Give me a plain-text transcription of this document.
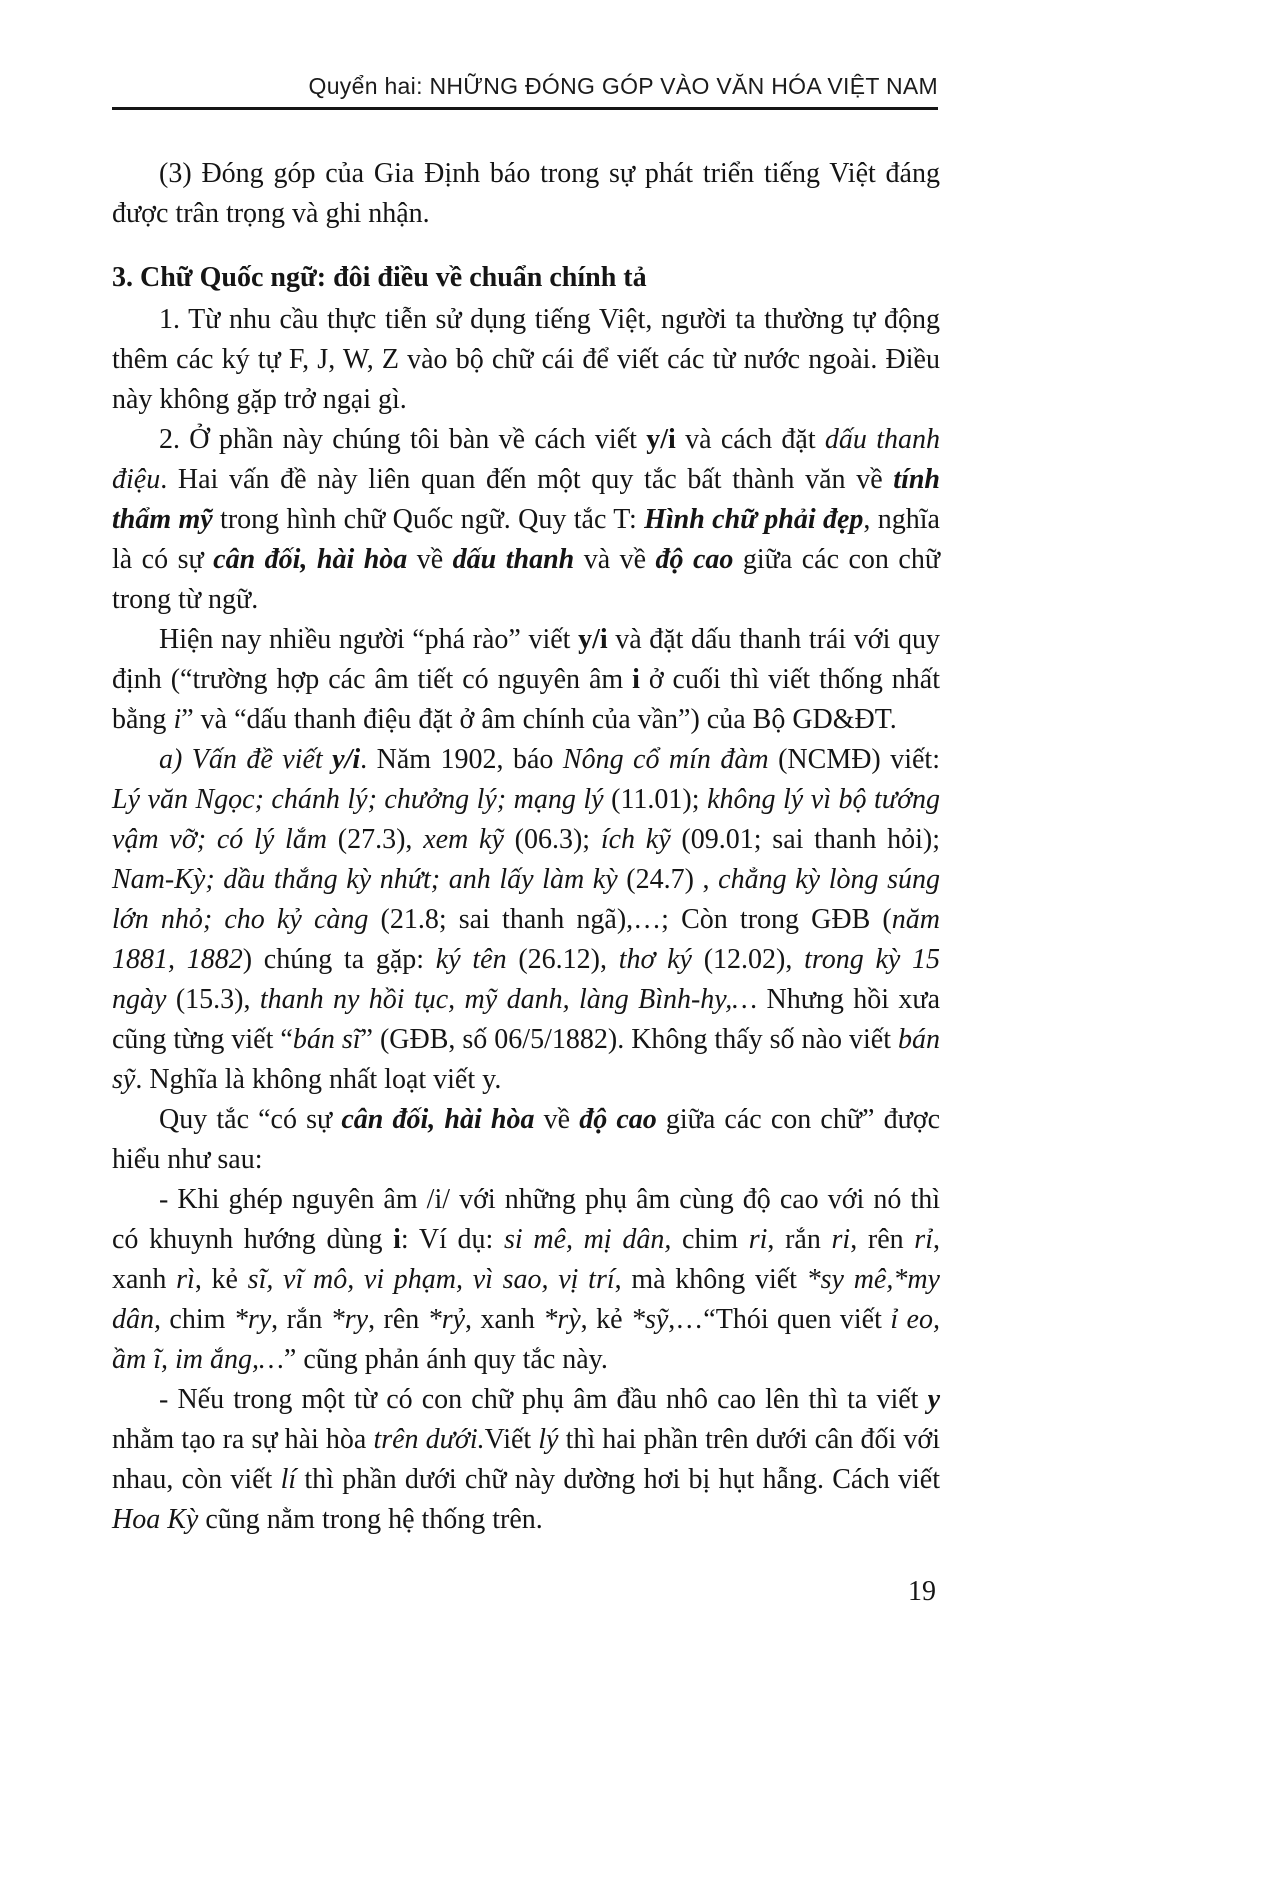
Quyển hai: NHỮNG ĐÓNG GÓP VÀO VĂN HÓA VIỆT NAM

(3) Đóng góp của Gia Định báo trong sự phát triển tiếng Việt đáng được trân trọng và ghi nhận.

3. Chữ Quốc ngữ: đôi điều về chuẩn chính tả

1. Từ nhu cầu thực tiễn sử dụng tiếng Việt, người ta thường tự động thêm các ký tự F, J, W, Z vào bộ chữ cái để viết các từ nước ngoài. Điều này không gặp trở ngại gì.

2. Ở phần này chúng tôi bàn về cách viết y/i và cách đặt dấu thanh điệu. Hai vấn đề này liên quan đến một quy tắc bất thành văn về tính thẩm mỹ trong hình chữ Quốc ngữ. Quy tắc T: Hình chữ phải đẹp, nghĩa là có sự cân đối, hài hòa về dấu thanh và về độ cao giữa các con chữ trong từ ngữ.

Hiện nay nhiều người “phá rào” viết y/i và đặt dấu thanh trái với quy định (“trường hợp các âm tiết có nguyên âm i ở cuối thì viết thống nhất bằng i” và “dấu thanh điệu đặt ở âm chính của vần”) của Bộ GD&ĐT.

a) Vấn đề viết y/i. Năm 1902, báo Nông cổ mín đàm (NCMĐ) viết: Lý văn Ngọc; chánh lý; chưởng lý; mạng lý (11.01); không lý vì bộ tướng vậm vỡ; có lý lắm (27.3), xem kỹ (06.3); ích kỹ (09.01; sai thanh hỏi); Nam-Kỳ; dầu thắng kỳ nhứt; anh lấy làm kỳ (24.7) , chẳng kỳ lòng súng lớn nhỏ; cho kỷ càng (21.8; sai thanh ngã),…; Còn trong GĐB (năm 1881, 1882) chúng ta gặp: ký tên (26.12), thơ ký (12.02), trong kỳ 15 ngày (15.3), thanh ny hồi tục, mỹ danh, làng Bình-hy,… Nhưng hồi xưa cũng từng viết “bán sĩ” (GĐB, số 06/5/1882). Không thấy số nào viết bán sỹ. Nghĩa là không nhất loạt viết y.

Quy tắc “có sự cân đối, hài hòa về độ cao giữa các con chữ” được hiểu như sau:

- Khi ghép nguyên âm /i/ với những phụ âm cùng độ cao với nó thì có khuynh hướng dùng i: Ví dụ: si mê, mị dân, chim ri, rắn ri, rên rỉ, xanh rì, kẻ sĩ, vĩ mô, vi phạm, vì sao, vị trí, mà không viết *sy mê,*my dân, chim *ry, rắn *ry, rên *rỷ, xanh *rỳ, kẻ *sỹ,…“Thói quen viết ỉ eo, ầm ĩ, im ắng,…” cũng phản ánh quy tắc này.

- Nếu trong một từ có con chữ phụ âm đầu nhô cao lên thì ta viết y nhằm tạo ra sự hài hòa trên dưới.Viết lý thì hai phần trên dưới cân đối với nhau, còn viết lí thì phần dưới chữ này dường hơi bị hụt hẫng. Cách viết Hoa Kỳ cũng nằm trong hệ thống trên.

19
